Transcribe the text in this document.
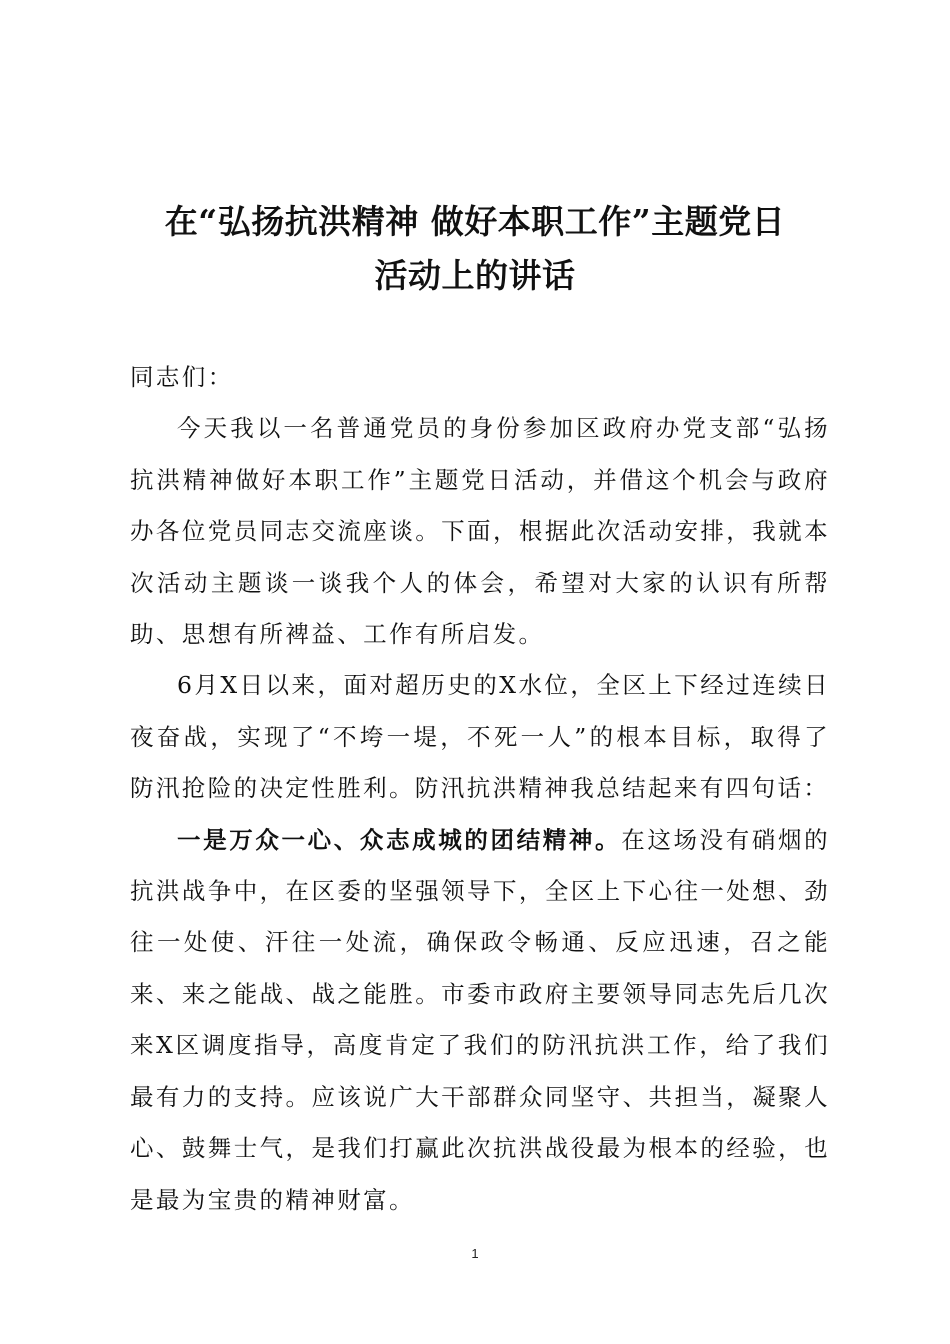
在“弘扬抗洪精神 做好本职工作”主题党日
活动上的讲话

同志们：

今天我以一名普通党员的身份参加区政府办党支部“弘扬抗洪精神做好本职工作”主题党日活动，并借这个机会与政府办各位党员同志交流座谈。下面，根据此次活动安排，我就本次活动主题谈一谈我个人的体会，希望对大家的认识有所帮助、思想有所裨益、工作有所启发。

6月X日以来，面对超历史的X水位，全区上下经过连续日夜奋战，实现了“不垮一堤，不死一人”的根本目标，取得了防汛抢险的决定性胜利。防汛抗洪精神我总结起来有四句话：

一是万众一心、众志成城的团结精神。在这场没有硝烟的抗洪战争中，在区委的坚强领导下，全区上下心往一处想、劲往一处使、汗往一处流，确保政令畅通、反应迅速，召之能来、来之能战、战之能胜。市委市政府主要领导同志先后几次来X区调度指导，高度肯定了我们的防汛抗洪工作，给了我们最有力的支持。应该说广大干部群众同坚守、共担当，凝聚人心、鼓舞士气，是我们打赢此次抗洪战役最为根本的经验，也是最为宝贵的精神财富。

1
